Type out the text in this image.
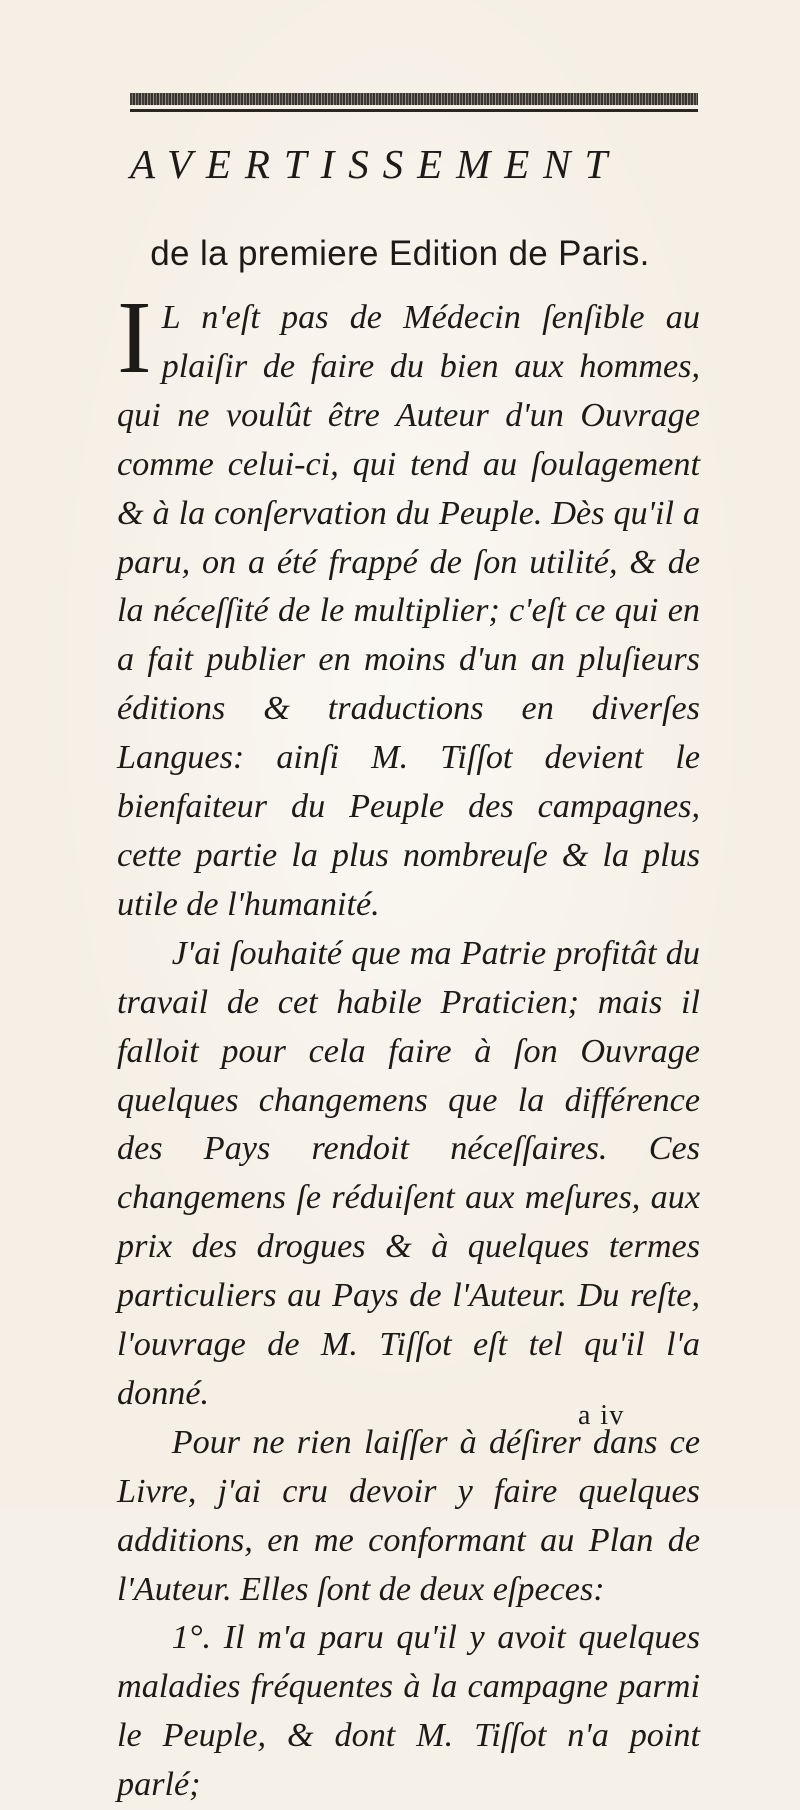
AVERTISSEMENT
de la premiere Edition de Paris.

I L n'eſt pas de Médecin ſenſible au plaiſir de faire du bien aux hommes, qui ne voulût être Auteur d'un Ouvrage comme celui-ci, qui tend au ſoulagement & à la conſervation du Peuple. Dès qu'il a paru, on a été frappé de ſon utilité, & de la néceſſité de le multiplier; c'eſt ce qui en a fait publier en moins d'un an pluſieurs éditions & traductions en diverſes Langues: ainſi M. Tiſſot devient le bienfaiteur du Peuple des campagnes, cette partie la plus nombreuſe & la plus utile de l'humanité.

J'ai ſouhaité que ma Patrie profitât du travail de cet habile Praticien; mais il falloit pour cela faire à ſon Ouvrage quelques changemens que la différence des Pays rendoit néceſſaires. Ces changemens ſe réduiſent aux meſures, aux prix des drogues & à quelques termes particuliers au Pays de l'Auteur. Du reſte, l'ouvrage de M. Tiſſot eſt tel qu'il l'a donné.

Pour ne rien laiſſer à déſirer dans ce Livre, j'ai cru devoir y faire quelques additions, en me conformant au Plan de l'Auteur. Elles ſont de deux eſpeces:

1°. Il m'a paru qu'il y avoit quelques maladies fréquentes à la campagne parmi le Peuple, & dont M. Tiſſot n'a point parlé;

a iv
